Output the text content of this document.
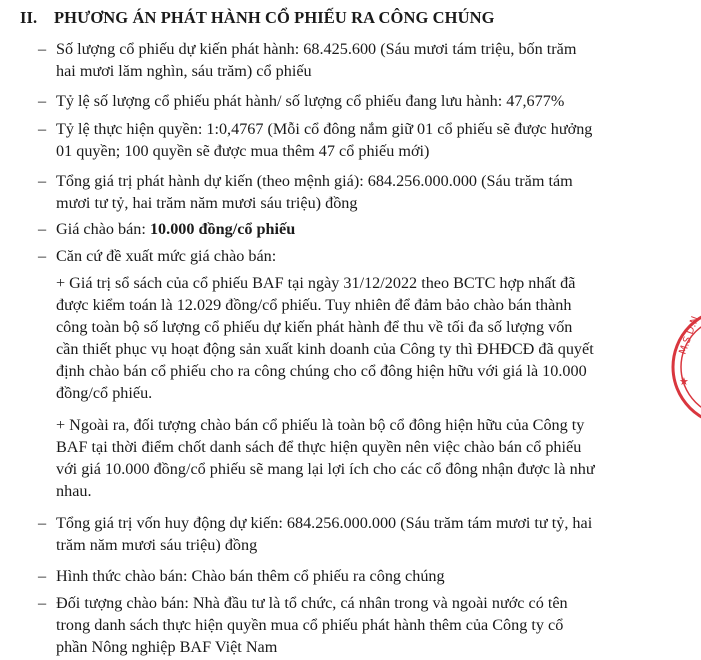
II. PHƯƠNG ÁN PHÁT HÀNH CỔ PHIẾU RA CÔNG CHÚNG
– Số lượng cổ phiếu dự kiến phát hành: 68.425.600 (Sáu mươi tám triệu, bốn trăm
hai mươi lăm nghìn, sáu trăm) cổ phiếu
– Tỷ lệ số lượng cổ phiếu phát hành/ số lượng cổ phiếu đang lưu hành: 47,677%
– Tỷ lệ thực hiện quyền: 1:0,4767 (Mỗi cổ đông nắm giữ 01 cổ phiếu sẽ được hưởng
01 quyền; 100 quyền sẽ được mua thêm 47 cổ phiếu mới)
– Tổng giá trị phát hành dự kiến (theo mệnh giá): 684.256.000.000 (Sáu trăm tám
mươi tư tỷ, hai trăm năm mươi sáu triệu) đồng
– Giá chào bán: 10.000 đồng/cổ phiếu
– Căn cứ đề xuất mức giá chào bán:
+ Giá trị sổ sách của cổ phiếu BAF tại ngày 31/12/2022 theo BCTC hợp nhất đã
được kiểm toán là 12.029 đồng/cổ phiếu. Tuy nhiên để đảm bảo chào bán thành
công toàn bộ số lượng cổ phiếu dự kiến phát hành để thu về tối đa số lượng vốn
cần thiết phục vụ hoạt động sản xuất kinh doanh của Công ty thì ĐHĐCĐ đã quyết
định chào bán cổ phiếu cho ra công chúng cho cổ đông hiện hữu với giá là 10.000
đồng/cổ phiếu.
+ Ngoài ra, đối tượng chào bán cổ phiếu là toàn bộ cổ đông hiện hữu của Công ty
BAF tại thời điểm chốt danh sách để thực hiện quyền nên việc chào bán cổ phiếu
với giá 10.000 đồng/cổ phiếu sẽ mang lại lợi ích cho các cổ đông nhận được là như
nhau.
– Tổng giá trị vốn huy động dự kiến: 684.256.000.000 (Sáu trăm tám mươi tư tỷ, hai
trăm năm mươi sáu triệu) đồng
– Hình thức chào bán: Chào bán thêm cổ phiếu ra công chúng
– Đối tượng chào bán: Nhà đầu tư là tổ chức, cá nhân trong và ngoài nước có tên
trong danh sách thực hiện quyền mua cổ phiếu phát hành thêm của Công ty cổ
phần Nông nghiệp BAF Việt Nam
M.S.D.N
★
